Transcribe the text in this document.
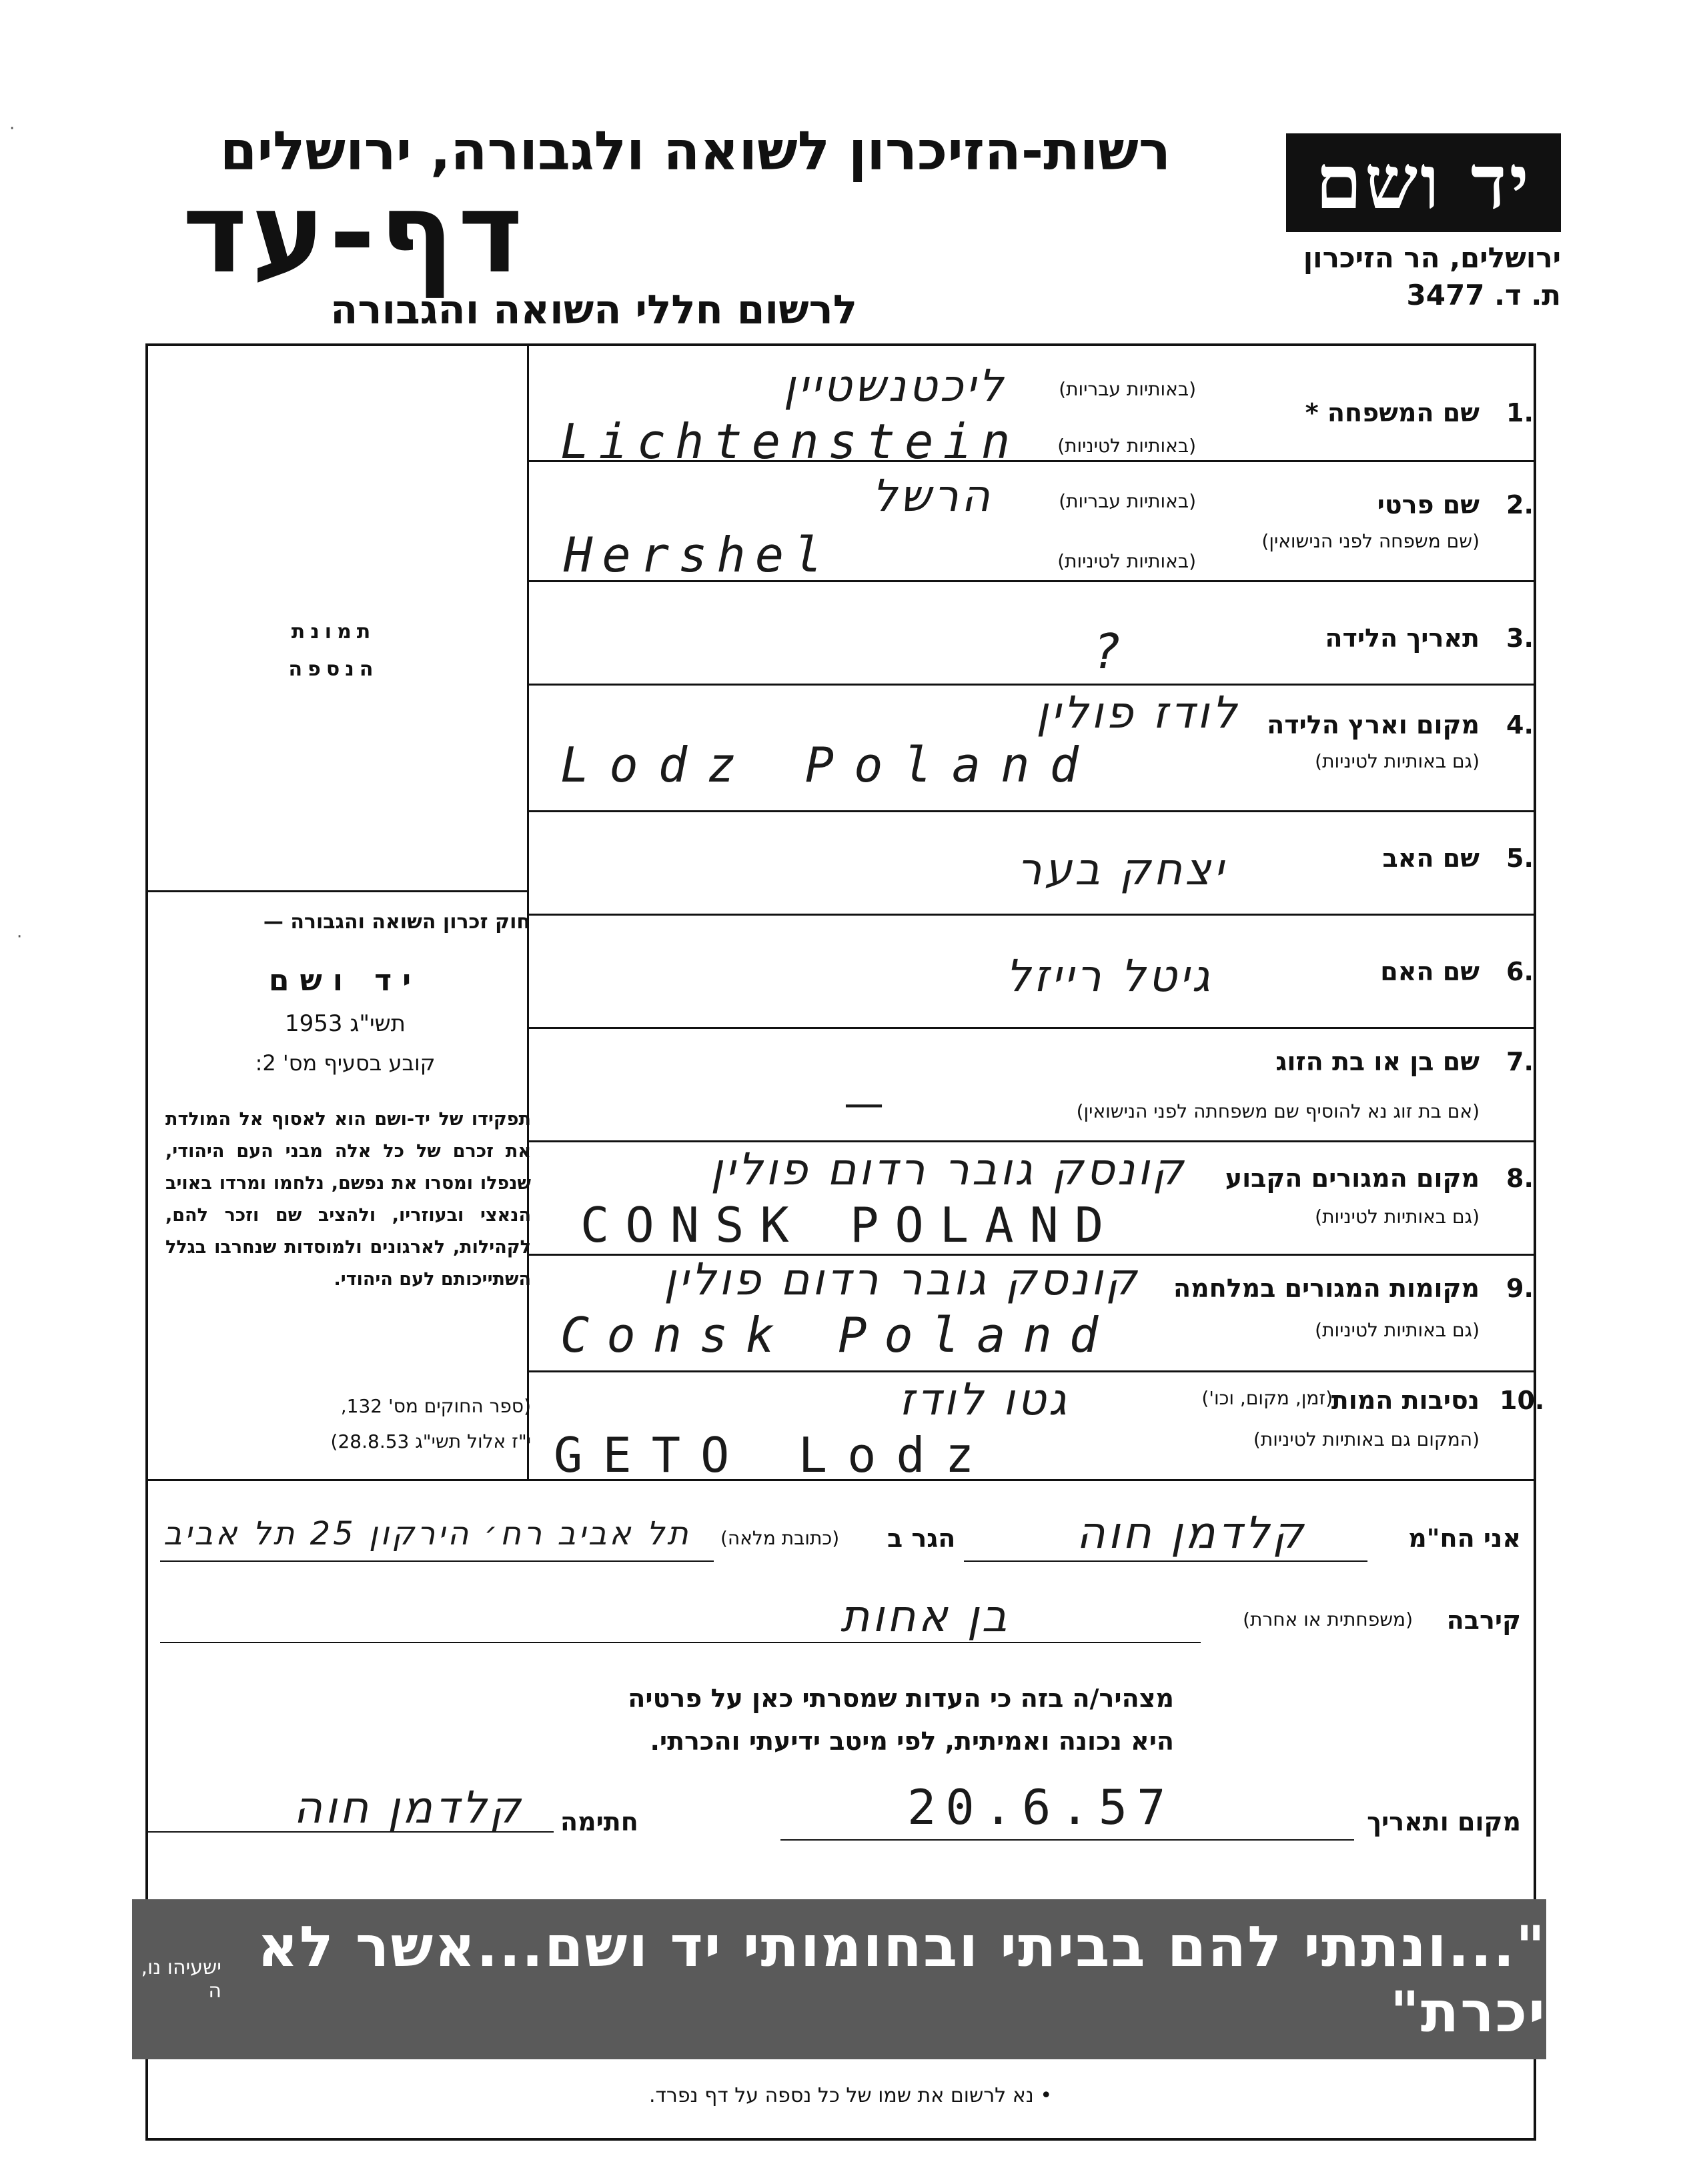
·
·
יד ושם
ירושלים, הר הזיכרון
ת. ד. 3477
רשות-הזיכרון לשואה ולגבורה, ירושלים
דף-עד
לרשום חללי השואה והגבורה
תמונת
הנספה
חוק זכרון השואה והגבורה —
יד ושם
תשי"ג 1953
קובע בסעיף מס' 2:
תפקידו של יד-ושם הוא לאסוף אל המולדת את זכרם של כל אלה מבני העם היהודי, שנפלו ומסרו את נפשם, נלחמו ומרדו באויב הנאצי ובעוזריו, ולהציב שם וזכר להם, לקהילות, לארגונים ולמוסדות שנחרבו בגלל השתייכותם לעם היהודי.
(ספר החוקים מס' 132,
י"ז אלול תשי"ג 28.8.53)
1.
שם המשפחה *
(באותיות עבריות)
(באותיות לטיניות)
ליכטנשטיין
Lichtenstein
2.
שם פרטי
(שם משפחה לפני הנישואין)
(באותיות עבריות)
(באותיות לטיניות)
הרשל
Hershel
3.
תאריך הלידה
?
4.
מקום וארץ הלידה
(גם באותיות לטיניות)
לודז פולין
Lodz Poland
5.
שם האב
יצחק בער
6.
שם האם
גיטל רייזל
7.
שם בן או בת הזוג
(אם בת זוג נא להוסיף שם משפחתה לפני הנישואין)
—
8.
מקום המגורים הקבוע
(גם באותיות לטיניות)
קונסק גובר רדום פולין
CONSK POLAND
9.
מקומות המגורים במלחמה
(גם באותיות לטיניות)
קונסק גובר רדום פולין
Consk Poland
10.
נסיבות המות
(זמן, מקום, וכו')
(המקום גם באותיות לטיניות)
גטו לודז
GETO Lodz
אני הח"מ
קלדמן חוה
הגר ב
(כתובת מלאה)
תל אביב רח׳ הירקון 25 תל אביב
קירבה
(משפחתית או אחרת)
בן אחות
מצהיר/ה בזה כי העדות שמסרתי כאן על פרטיה
היא נכונה ואמיתית, לפי מיטב ידיעתי והכרתי.
מקום ותאריך
20.6.57
חתימה
קלדמן חוה
ישעיהו נו, ה
"...ונתתי להם בביתי ובחומותי יד ושם...אשר לא יכרת"
• נא לרשום את שמו של כל נספה על דף נפרד.
